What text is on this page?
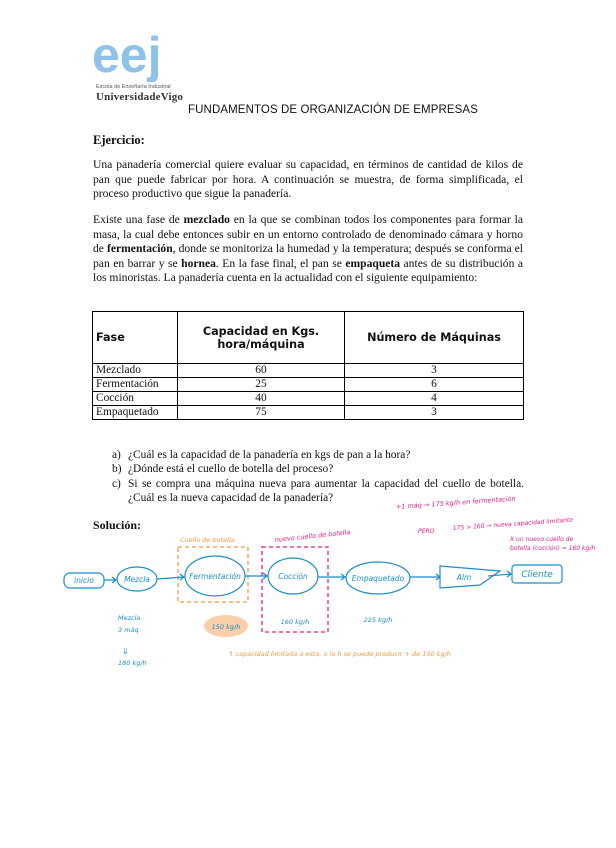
eej
Escola de Enxeñaría Industrial
UniversidadeVigo
FUNDAMENTOS DE ORGANIZACIÓN DE EMPRESAS
Ejercicio:

Una panadería comercial quiere evaluar su capacidad, en términos de cantidad de kilos de pan que puede fabricar por hora. A continuación se muestra, de forma simplificada, el proceso productivo que sigue la panadería.

Existe una fase de mezclado en la que se combinan todos los componentes para formar la masa, la cual debe entonces subir en un entorno controlado de denominado cámara y horno de fermentación, donde se monitoriza la humedad y la temperatura; después se conforma el pan en barrar y se hornea. En la fase final, el pan se empaqueta antes de su distribución a los minoristas. La panadería cuenta en la actualidad con el siguiente equipamiento:

Fase	Capacidad en Kgs. hora/máquina	Número de Máquinas
Mezclado	60	3
Fermentación	25	6
Cocción	40	4
Empaquetado	75	3
a) ¿Cuál es la capacidad de la panadería en kgs de pan a la hora?
b) ¿Dónde está el cuello de botella del proceso?
c) Si se compra una máquina nueva para aumentar la capacidad del cuello de botella. ¿Cuál es la nueva capacidad de la panadería?
Solución:
inicio	Mezcla	Fermentación	Cocción	Empaquetado	Alm	Cliente
Mezcla
3 máq
⇓
180 kg/h
150 kg/h
160 kg/h	225 kg/h
Cuello de botella	nuevo cuello de botella	PERO
+1 máq ⇒ 175 kg/h en fermentación
175 > 160 ⇒ nueva capacidad limitante
X un nuevo cuello de
botella (cocción) = 160 kg/h
⇑ capacidad limitada a esta, a la h se puede producir + de 150 kg/h
